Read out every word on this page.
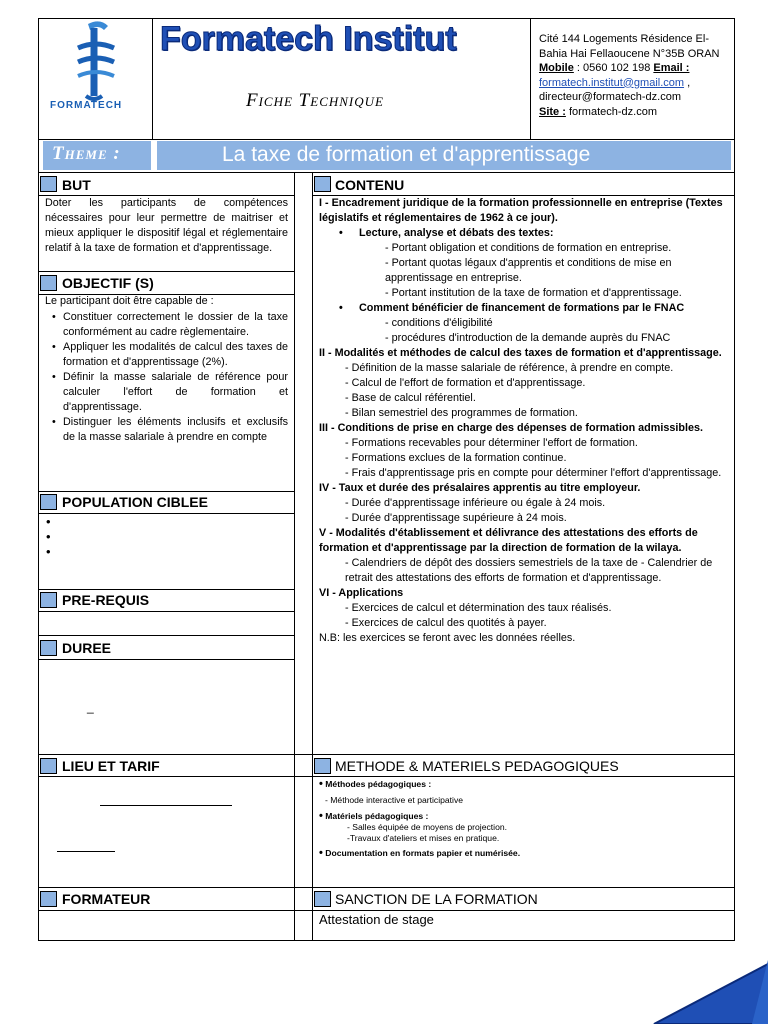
FORMATECH
Formatech Institut
Fiche Technique
Cité 144 Logements Résidence El-Bahia Hai Fellaoucene N°35B ORAN
Mobile : 0560 102 198 Email :
formatech.institut@gmail.com ,
directeur@formatech-dz.com
Site : formatech-dz.com
Theme :	La taxe de formation et d'apprentissage
BUT
Doter les participants de compétences nécessaires pour leur permettre de maitriser et mieux appliquer le dispositif légal et réglementaire relatif à la taxe de formation et d'apprentissage.
OBJECTIF (S)
Le participant doit être capable de :
• Constituer correctement le dossier de la taxe conformément au cadre règlementaire.
• Appliquer les modalités de calcul des taxes de formation et d'apprentissage (2%).
• Définir la masse salariale de référence pour calculer l'effort de formation et d'apprentissage.
• Distinguer les éléments inclusifs et exclusifs de la masse salariale à prendre en compte
POPULATION CIBLEE
•
•
•
PRE-REQUIS
DUREE
_
LIEU ET TARIF
FORMATEUR
CONTENU
I - Encadrement juridique de la formation professionnelle en entreprise (Textes législatifs et réglementaires de 1962 à ce jour).
• Lecture, analyse et débats des textes:
- Portant obligation et conditions de formation en entreprise.
- Portant quotas légaux d'apprentis et conditions de mise en apprentissage en entreprise.
- Portant institution de la taxe de formation et d'apprentissage.
• Comment bénéficier de financement de formations par le FNAC
- conditions d'éligibilité
- procédures d'introduction de la demande auprès du FNAC
II - Modalités et méthodes de calcul des taxes de formation et d'apprentissage.
- Définition de la masse salariale de référence, à prendre en compte.
- Calcul de l'effort de formation et d'apprentissage.
- Base de calcul référentiel.
- Bilan semestriel des programmes de formation.
III - Conditions de prise en charge des dépenses de formation admissibles.
- Formations recevables pour déterminer l'effort de formation.
- Formations exclues de la formation continue.
- Frais d'apprentissage pris en compte pour déterminer l'effort d'apprentissage.
IV - Taux et durée des présalaires apprentis au titre employeur.
- Durée d'apprentissage inférieure ou égale à 24 mois.
- Durée d'apprentissage supérieure à 24 mois.
V - Modalités d'établissement et délivrance des attestations des efforts de formation et d'apprentissage par la direction de formation de la wilaya.
- Calendriers de dépôt des dossiers semestriels de la taxe de - Calendrier de retrait des attestations des efforts de formation et d'apprentissage.
VI - Applications
- Exercices de calcul et détermination des taux réalisés.
- Exercices de calcul des quotités à payer.
N.B: les exercices se feront avec les données réelles.
METHODE & MATERIELS PEDAGOGIQUES
• Méthodes pédagogiques :
- Méthode interactive et participative
• Matériels pédagogiques :
- Salles équipée de moyens de projection.
-Travaux d'ateliers et mises en pratique.
• Documentation en formats papier et numérisée.
SANCTION DE LA FORMATION
Attestation de stage
